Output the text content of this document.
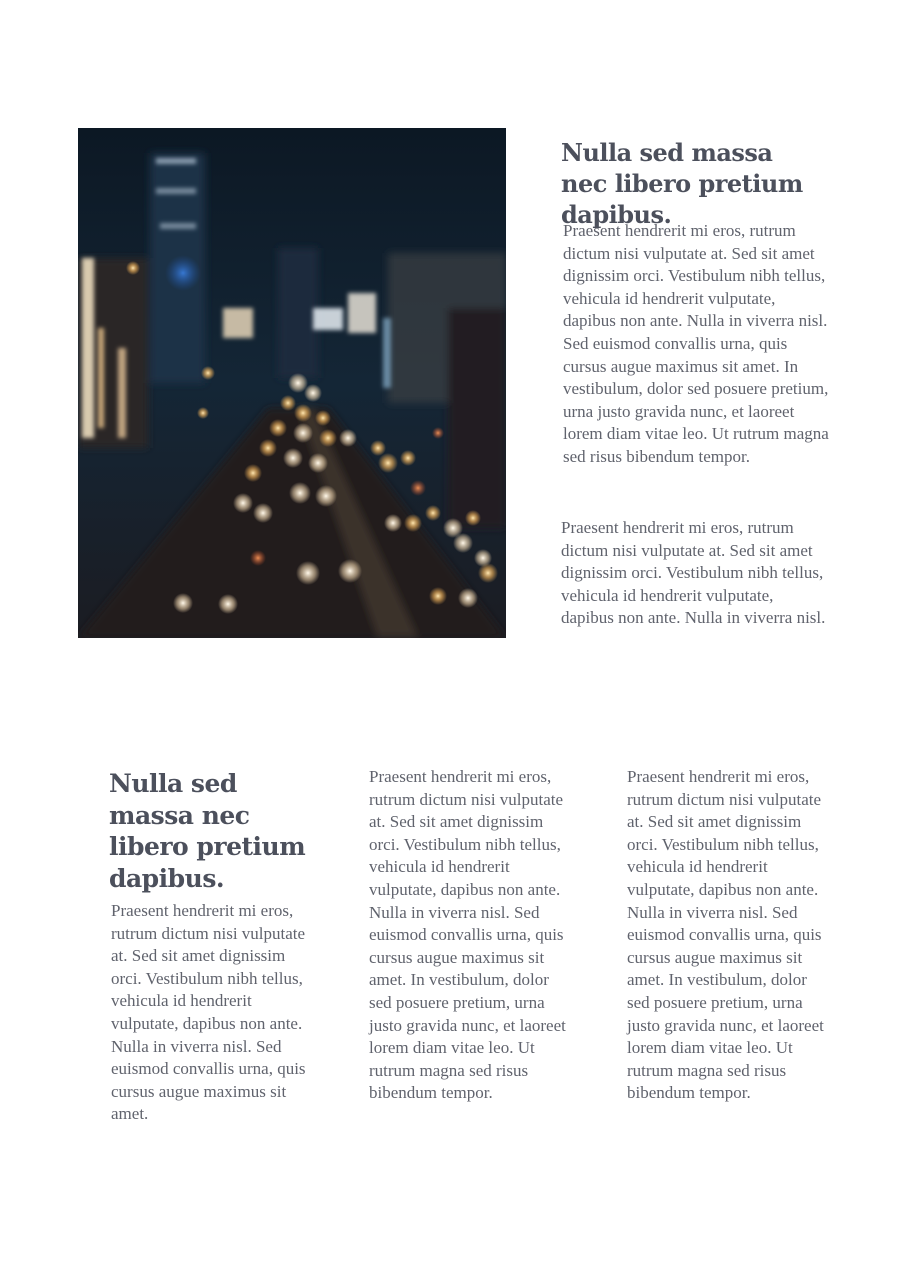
Nulla sed massa nec libero pretium dapibus.

Praesent hendrerit mi eros, rutrum dictum nisi vulputate at. Sed sit amet dignissim orci. Vestibulum nibh tellus, vehicula id hendrerit vulputate, dapibus non ante. Nulla in viverra nisl. Sed euismod convallis urna, quis cursus augue maximus sit amet. In vestibulum, dolor sed posuere pretium, urna justo gravida nunc, et laoreet lorem diam vitae leo. Ut rutrum magna sed risus bibendum tempor.

Praesent hendrerit mi eros, rutrum dictum nisi vulputate at. Sed sit amet dignissim orci. Vestibulum nibh tellus, vehicula id hendrerit vulputate, dapibus non ante. Nulla in viverra nisl.

Nulla sed massa nec libero pretium dapibus.

Praesent hendrerit mi eros, rutrum dictum nisi vulputate at. Sed sit amet dignissim orci. Vestibulum nibh tellus, vehicula id hendrerit vulputate, dapibus non ante. Nulla in viverra nisl. Sed euismod convallis urna, quis cursus augue maximus sit amet.

Praesent hendrerit mi eros, rutrum dictum nisi vulputate at. Sed sit amet dignissim orci. Vestibulum nibh tellus, vehicula id hendrerit vulputate, dapibus non ante. Nulla in viverra nisl. Sed euismod convallis urna, quis cursus augue maximus sit amet. In vestibulum, dolor sed posuere pretium, urna justo gravida nunc, et laoreet lorem diam vitae leo. Ut rutrum magna sed risus bibendum tempor.

Praesent hendrerit mi eros, rutrum dictum nisi vulputate at. Sed sit amet dignissim orci. Vestibulum nibh tellus, vehicula id hendrerit vulputate, dapibus non ante. Nulla in viverra nisl. Sed euismod convallis urna, quis cursus augue maximus sit amet. In vestibulum, dolor sed posuere pretium, urna justo gravida nunc, et laoreet lorem diam vitae leo. Ut rutrum magna sed risus bibendum tempor.
